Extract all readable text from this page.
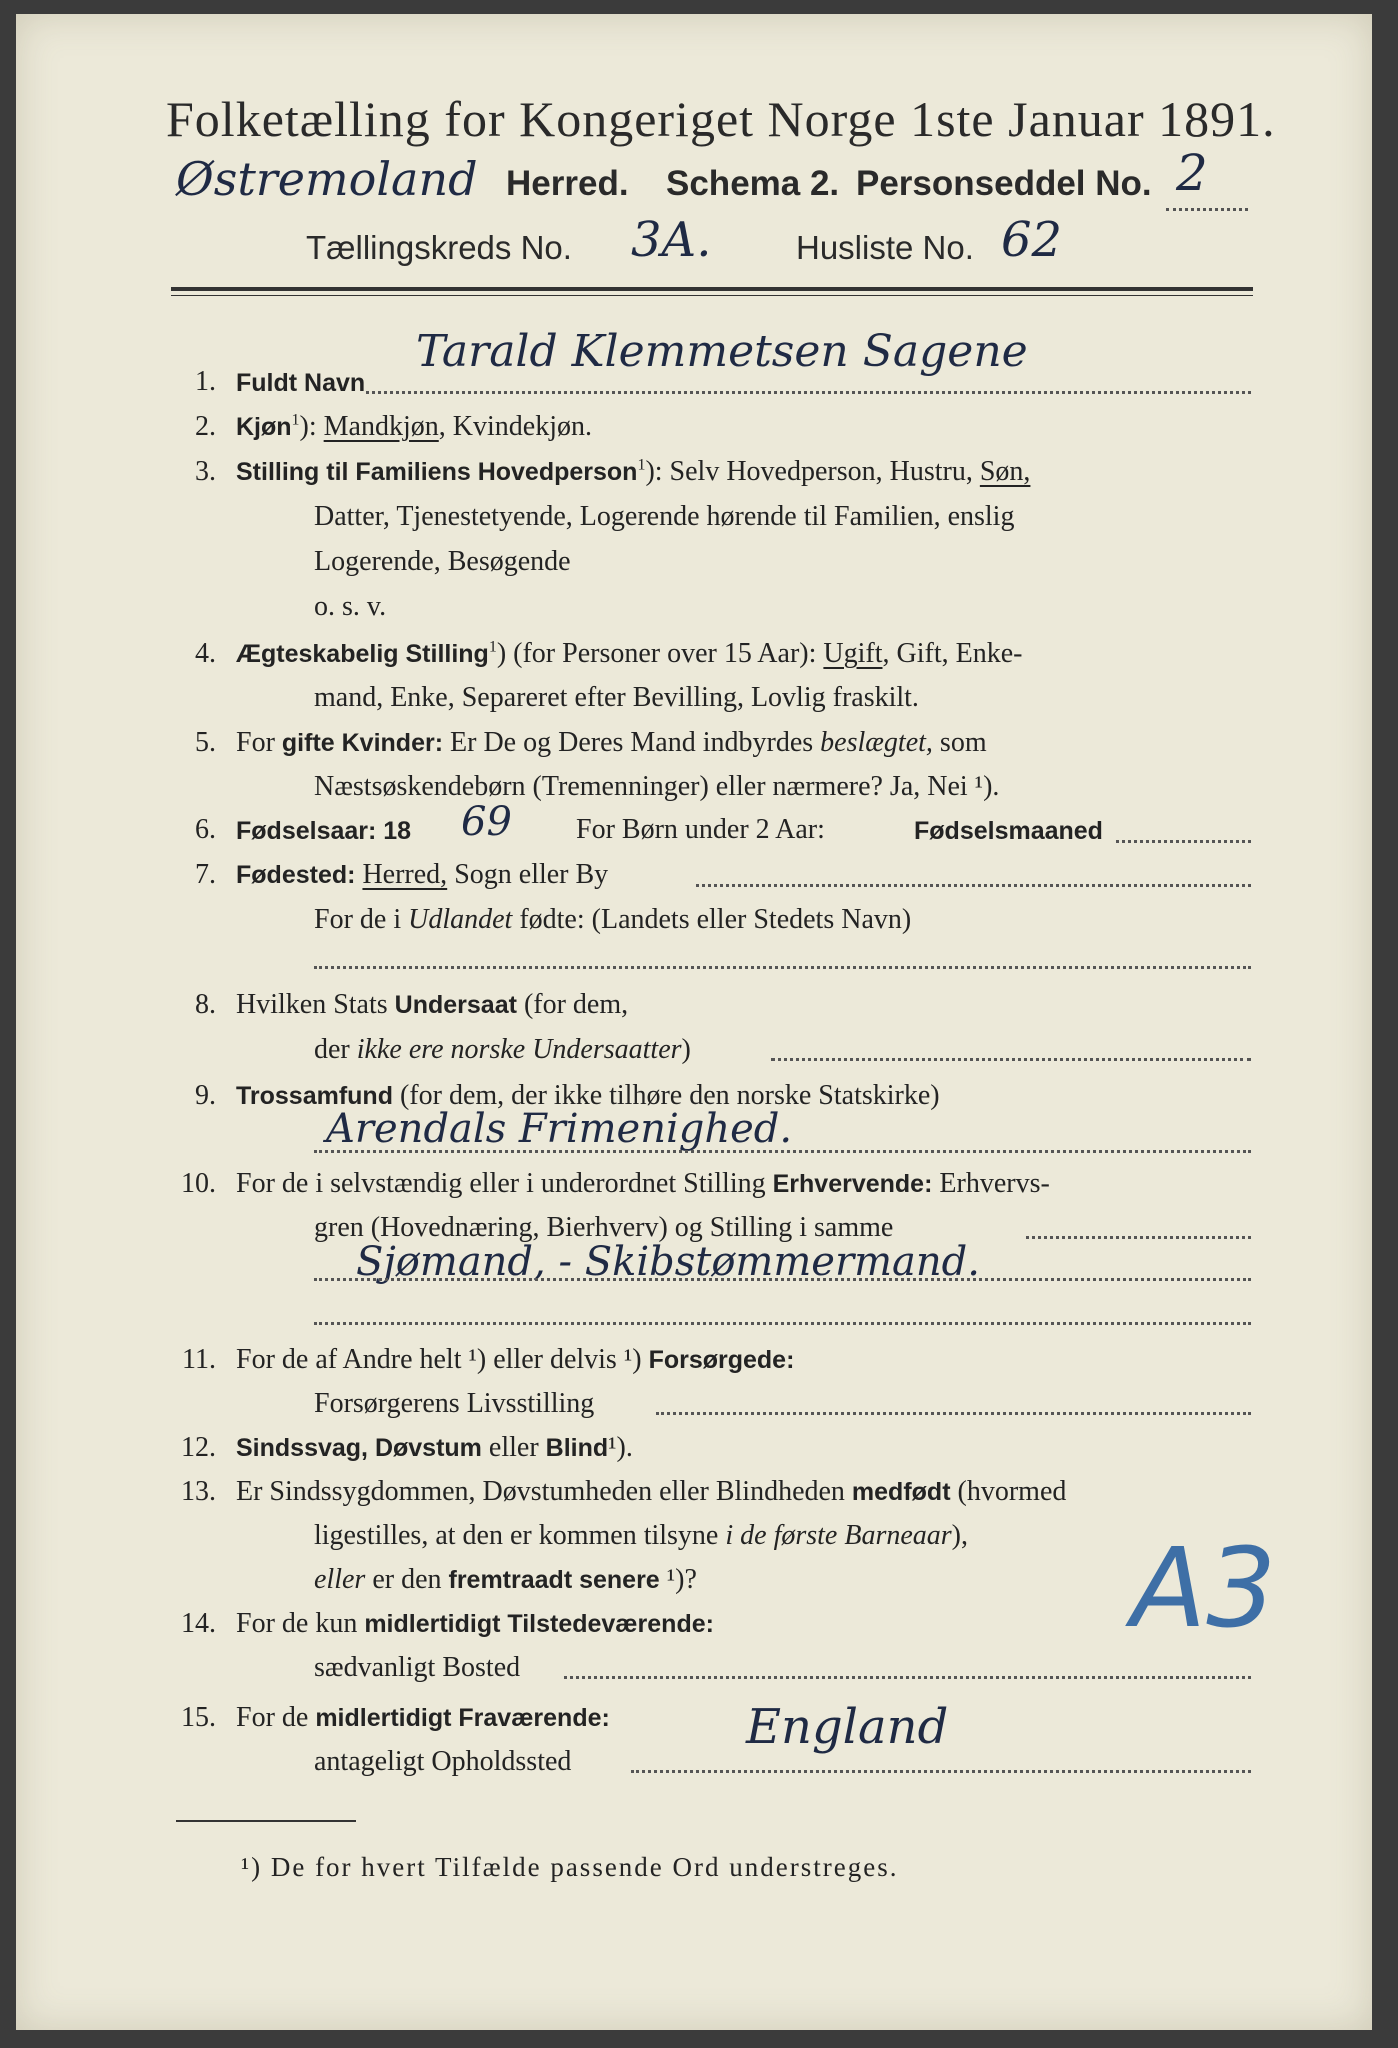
Folketælling for Kongeriget Norge 1ste Januar 1891.
Østremoland Herred. Schema 2. Personseddel No. 2
Tællingskreds No. 3A.	Husliste No. 62
1. Fuldt Navn
Tarald Klemmetsen Sagene
2. Kjøn$^1$): Mandkjøn, Kvindekjøn.
3. Stilling til Familiens Hovedperson$^1$): Selv Hovedperson, Hustru, Søn,
Datter, Tjenestetyende, Logerende hørende til Familien, enslig
Logerende, Besøgende
o. s. v.
4. Ægteskabelig Stilling$^1$) (for Personer over 15 Aar): Ugift, Gift, Enke-
mand, Enke, Separeret efter Bevilling, Lovlig fraskilt.
5. For gifte Kvinder: Er De og Deres Mand indbyrdes beslægtet, som
Næstsøskendebørn (Tremenninger) eller nærmere? Ja, Nei ¹).
6. Fødselsaar: 18 69 For Børn under 2 Aar:	Fødselsmaaned
7. Fødested: Herred, Sogn eller By
For de i Udlandet fødte: (Landets eller Stedets Navn)
8. Hvilken Stats Undersaat (for dem,
der ikke ere norske Undersaatter)
9. Trossamfund (for dem, der ikke tilhøre den norske Statskirke)
Arendals Frimenighed.
10. For de i selvstændig eller i underordnet Stilling Erhvervende: Erhvervs-
gren (Hovednæring, Bierhverv) og Stilling i samme
Sjømand, - Skibstømmermand.
11. For de af Andre helt ¹) eller delvis ¹) Forsørgede:
Forsørgerens Livsstilling
12. Sindssvag, Døvstum eller Blind¹).
13. Er Sindssygdommen, Døvstumheden eller Blindheden medfødt (hvormed
ligestilles, at den er kommen tilsyne i de første Barneaar),
eller er den fremtraadt senere ¹)?	A3
14. For de kun midlertidigt Tilstedeværende:
sædvanligt Bosted
15. For de midlertidigt Fraværende:
antageligt Opholdssted
England
¹) De for hvert Tilfælde passende Ord understreges.
